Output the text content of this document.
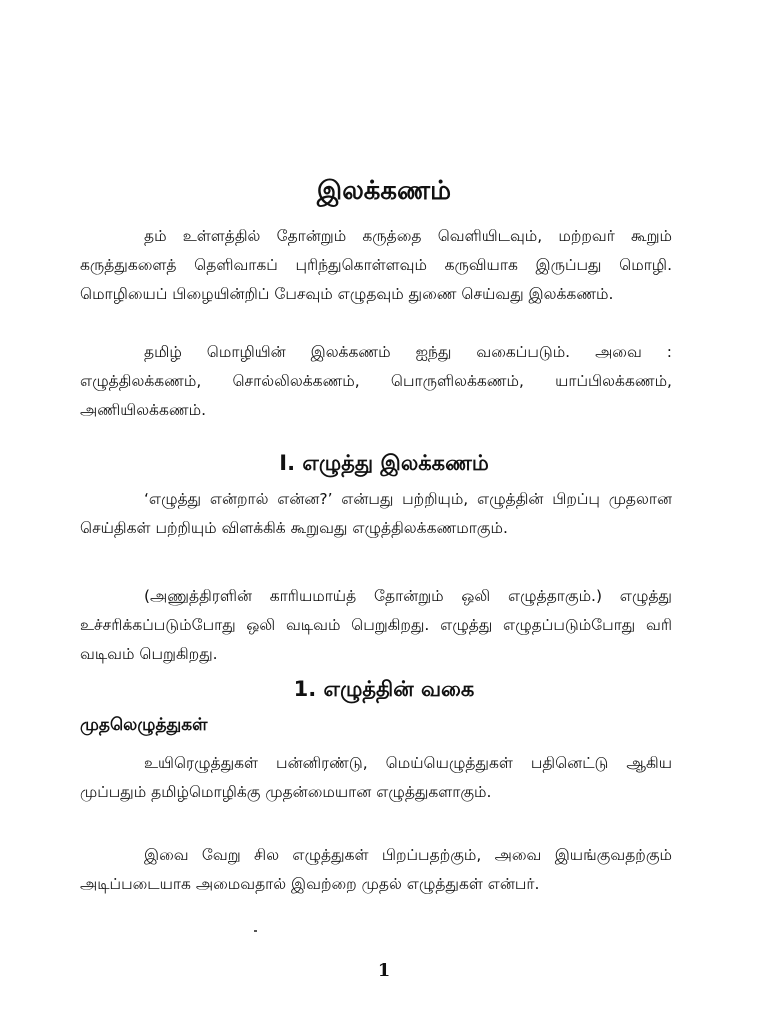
இலக்கணம்

தம் உள்ளத்தில் தோன்றும் கருத்தை வெளியிடவும், மற்றவர் கூறும் கருத்துகளைத் தெளிவாகப் புரிந்துகொள்ளவும் கருவியாக இருப்பது மொழி. மொழியைப் பிழையின்றிப் பேசவும் எழுதவும் துணை செய்வது இலக்கணம்.

தமிழ் மொழியின் இலக்கணம் ஐந்து வகைப்படும். அவை : எழுத்திலக்கணம், சொல்லிலக்கணம், பொருளிலக்கணம், யாப்பிலக்கணம், அணியிலக்கணம்.

I. எழுத்து இலக்கணம்

‘எழுத்து என்றால் என்ன?’ என்பது பற்றியும், எழுத்தின் பிறப்பு முதலான செய்திகள் பற்றியும் விளக்கிக் கூறுவது எழுத்திலக்கணமாகும்.

(அணுத்திரளின் காரியமாய்த் தோன்றும் ஒலி எழுத்தாகும்.) எழுத்து உச்சரிக்கப்படும்போது ஒலி வடிவம் பெறுகிறது. எழுத்து எழுதப்படும்போது வரி வடிவம் பெறுகிறது.

1. எழுத்தின் வகை
முதலெழுத்துகள்

உயிரெழுத்துகள் பன்னிரண்டு, மெய்யெழுத்துகள் பதினெட்டு ஆகிய முப்பதும் தமிழ்மொழிக்கு முதன்மையான எழுத்துகளாகும்.

இவை வேறு சில எழுத்துகள் பிறப்பதற்கும், அவை இயங்குவதற்கும் அடிப்படையாக அமைவதால் இவற்றை முதல் எழுத்துகள் என்பர்.

1
